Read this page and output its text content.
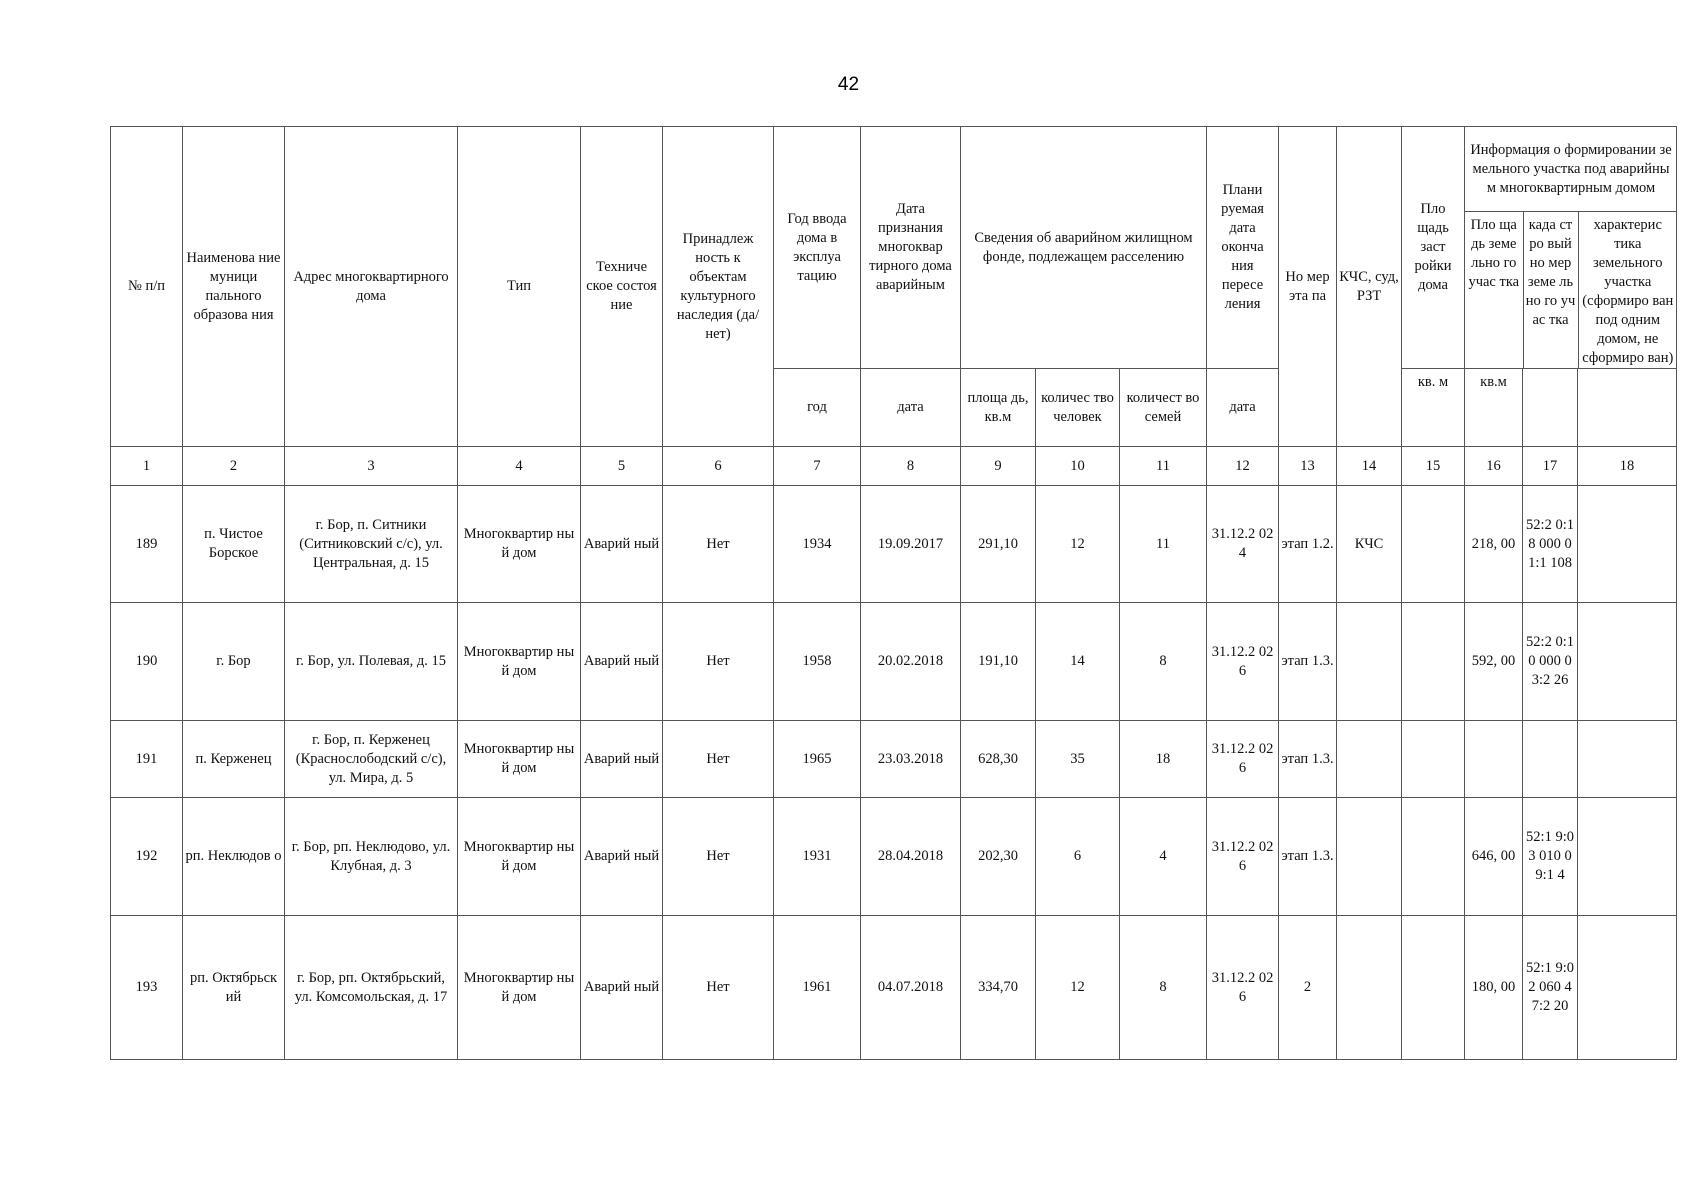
42
№ п/п	Наименова ние муници пального образова ния	Адрес многоквартирного дома	Тип	Техниче ское состоя ние	Принадлеж ность к объектам культурного наследия (да/нет)	Год ввода дома в эксплуа тацию	Дата признания многоквар тирного дома аварийным	Сведения об аварийном жилищном фонде, подлежащем расселению	Плани руемая дата оконча ния пересе ления	Но мер эта па	КЧС, суд, РЗТ	Пло щадь заст ройки дома	
Информация о формировании земельного участка под аварийным многоквартирным домом
Пло щадь земе льно го учас тка	када стро вый но мер земе льно го учас тка	характерис тика земельного участка (сформиро ван под одним домом, не сформиро ван)

год	дата	площа дь, кв.м	количес тво человек	количест во семей	дата	кв. м	кв.м		
1	2	3	4	5	6	7	8	9	10	11	12	13	14	15	16	17	18
189	п. Чистое Борское	г. Бор, п. Ситники (Ситниковский с/с), ул. Центральная, д. 15	Многоквартир ный дом	Аварий ный	Нет	1934	19.09.2017	291,10	12	11	31.12.2 024	этап 1.2.	КЧС		218, 00	52:2 0:18 000 01:1 108	
190	г. Бор	г. Бор, ул. Полевая, д. 15	Многоквартир ный дом	Аварий ный	Нет	1958	20.02.2018	191,10	14	8	31.12.2 026	этап 1.3.			592, 00	52:2 0:10 000 03:2 26	
191	п. Керженец	г. Бор, п. Керженец (Краснослободский с/с), ул. Мира, д. 5	Многоквартир ный дом	Аварий ный	Нет	1965	23.03.2018	628,30	35	18	31.12.2 026	этап 1.3.					
192	рп. Неклюдов о	г. Бор, рп. Неклюдово, ул. Клубная, д. 3	Многоквартир ный дом	Аварий ный	Нет	1931	28.04.2018	202,30	6	4	31.12.2 026	этап 1.3.			646, 00	52:1 9:03 010 09:1 4	
193	рп. Октябрьск ий	г. Бор, рп. Октябрьский, ул. Комсомольская, д. 17	Многоквартир ный дом	Аварий ный	Нет	1961	04.07.2018	334,70	12	8	31.12.2 026	2			180, 00	52:1 9:02 060 47:2 20	
